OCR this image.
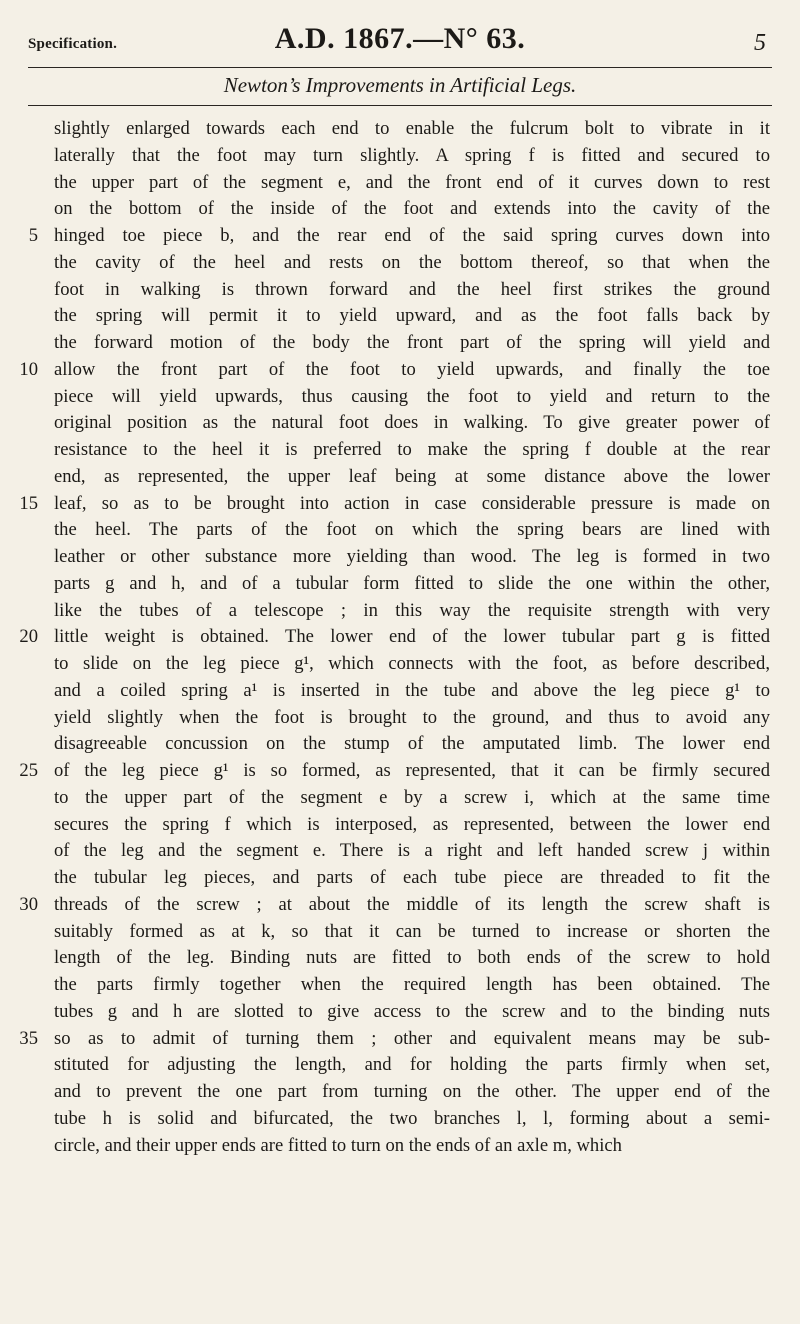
Specification.	A.D. 1867.—N° 63.	5
Newton’s Improvements in Artificial Legs.
slightly enlarged towards each end to enable the fulcrum bolt to vibrate in it
laterally that the foot may turn slightly. A spring f is fitted and secured to
the upper part of the segment e, and the front end of it curves down to rest
on the bottom of the inside of the foot and extends into the cavity of the
5 hinged toe piece b, and the rear end of the said spring curves down into
the cavity of the heel and rests on the bottom thereof, so that when the
foot in walking is thrown forward and the heel first strikes the ground
the spring will permit it to yield upward, and as the foot falls back by
the forward motion of the body the front part of the spring will yield and
10 allow the front part of the foot to yield upwards, and finally the toe
piece will yield upwards, thus causing the foot to yield and return to the
original position as the natural foot does in walking. To give greater power of
resistance to the heel it is preferred to make the spring f double at the rear
end, as represented, the upper leaf being at some distance above the lower
15 leaf, so as to be brought into action in case considerable pressure is made on
the heel. The parts of the foot on which the spring bears are lined with
leather or other substance more yielding than wood. The leg is formed in two
parts g and h, and of a tubular form fitted to slide the one within the other,
like the tubes of a telescope ; in this way the requisite strength with very
20 little weight is obtained. The lower end of the lower tubular part g is fitted
to slide on the leg piece g¹, which connects with the foot, as before described,
and a coiled spring a¹ is inserted in the tube and above the leg piece g¹ to
yield slightly when the foot is brought to the ground, and thus to avoid any
disagreeable concussion on the stump of the amputated limb. The lower end
25 of the leg piece g¹ is so formed, as represented, that it can be firmly secured
to the upper part of the segment e by a screw i, which at the same time
secures the spring f which is interposed, as represented, between the lower end
of the leg and the segment e. There is a right and left handed screw j within
the tubular leg pieces, and parts of each tube piece are threaded to fit the
30 threads of the screw ; at about the middle of its length the screw shaft is
suitably formed as at k, so that it can be turned to increase or shorten the
length of the leg. Binding nuts are fitted to both ends of the screw to hold
the parts firmly together when the required length has been obtained. The
tubes g and h are slotted to give access to the screw and to the binding nuts
35 so as to admit of turning them ; other and equivalent means may be sub-
stituted for adjusting the length, and for holding the parts firmly when set,
and to prevent the one part from turning on the other. The upper end of the
tube h is solid and bifurcated, the two branches l, l, forming about a semi-
circle, and their upper ends are fitted to turn on the ends of an axle m, which
